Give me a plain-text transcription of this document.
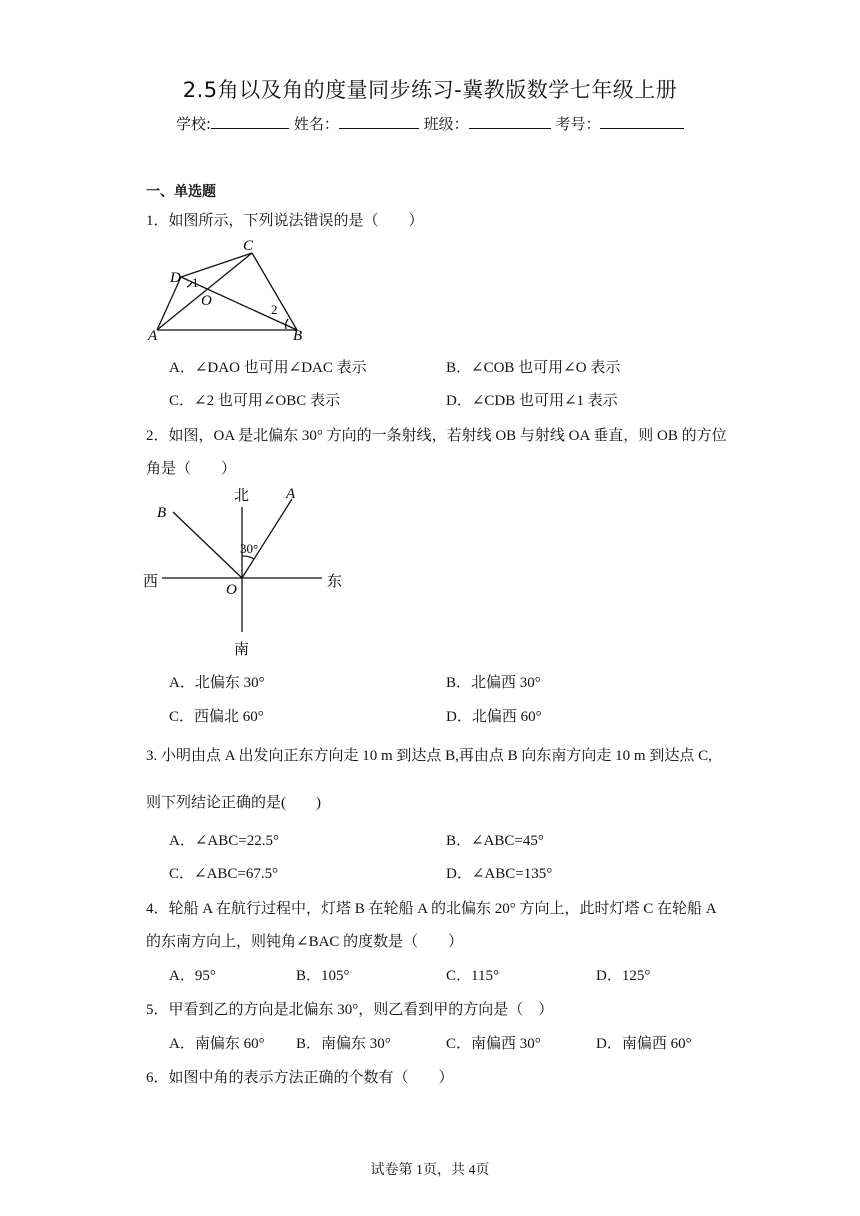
2.5角以及角的度量同步练习-冀教版数学七年级上册
学校:	姓名：	班级：	考号：
一、单选题
1．如图所示，下列说法错误的是（　　）
C
D 1
O
2
A	B
A．∠DAO 也可用∠DAC 表示	B．∠COB 也可用∠O 表示
C．∠2 也可用∠OBC 表示	D．∠CDB 也可用∠1 表示
2．如图，OA 是北偏东 30° 方向的一条射线，若射线 OB 与射线 OA 垂直，则 OB 的方位
角是（　　）
北 A
B
30°
西	东
O
南
A．北偏东 30°	B．北偏西 30°
C．西偏北 60°	D．北偏西 60°
3. 小明由点 A 出发向正东方向走 10 m 到达点 B,再由点 B 向东南方向走 10 m 到达点 C,
则下列结论正确的是(　　)
A．∠ABC=22.5°	B．∠ABC=45°
C．∠ABC=67.5°	D．∠ABC=135°
4．轮船 A 在航行过程中，灯塔 B 在轮船 A 的北偏东 20° 方向上，此时灯塔 C 在轮船 A
的东南方向上，则钝角∠BAC 的度数是（　　）
A．95°	B．105°	C．115°	D．125°
5．甲看到乙的方向是北偏东 30°，则乙看到甲的方向是（　）
A．南偏东 60° B．南偏东 30°	C．南偏西 30°	D．南偏西 60°
6．如图中角的表示方法正确的个数有（　　）
试卷第 1页，共 4页
